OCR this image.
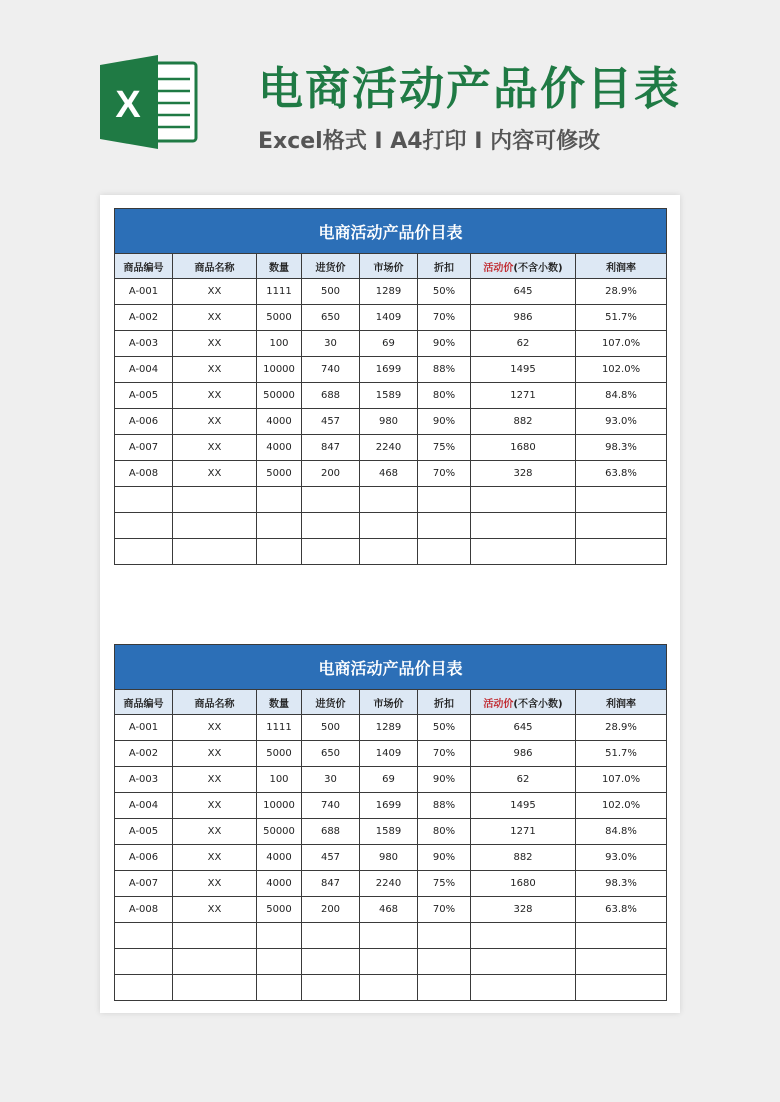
X	电商活动产品价目表
Excel格式 I A4打印 I 内容可修改
电商活动产品价目表							
商品编号	商品名称	数量	进货价	市场价	折扣	活动价(不含小数)	利润率
A-001	XX	1111	500	1289	50%	645	28.9%
A-002	XX	5000	650	1409	70%	986	51.7%
A-003	XX	100	30	69	90%	62	107.0%
A-004	XX	10000	740	1699	88%	1495	102.0%
A-005	XX	50000	688	1589	80%	1271	84.8%
A-006	XX	4000	457	980	90%	882	93.0%
A-007	XX	4000	847	2240	75%	1680	98.3%
A-008	XX	5000	200	468	70%	328	63.8%

电商活动产品价目表							
商品编号	商品名称	数量	进货价	市场价	折扣	活动价(不含小数)	利润率
A-001	XX	1111	500	1289	50%	645	28.9%
A-002	XX	5000	650	1409	70%	986	51.7%
A-003	XX	100	30	69	90%	62	107.0%
A-004	XX	10000	740	1699	88%	1495	102.0%
A-005	XX	50000	688	1589	80%	1271	84.8%
A-006	XX	4000	457	980	90%	882	93.0%
A-007	XX	4000	847	2240	75%	1680	98.3%
A-008	XX	5000	200	468	70%	328	63.8%
